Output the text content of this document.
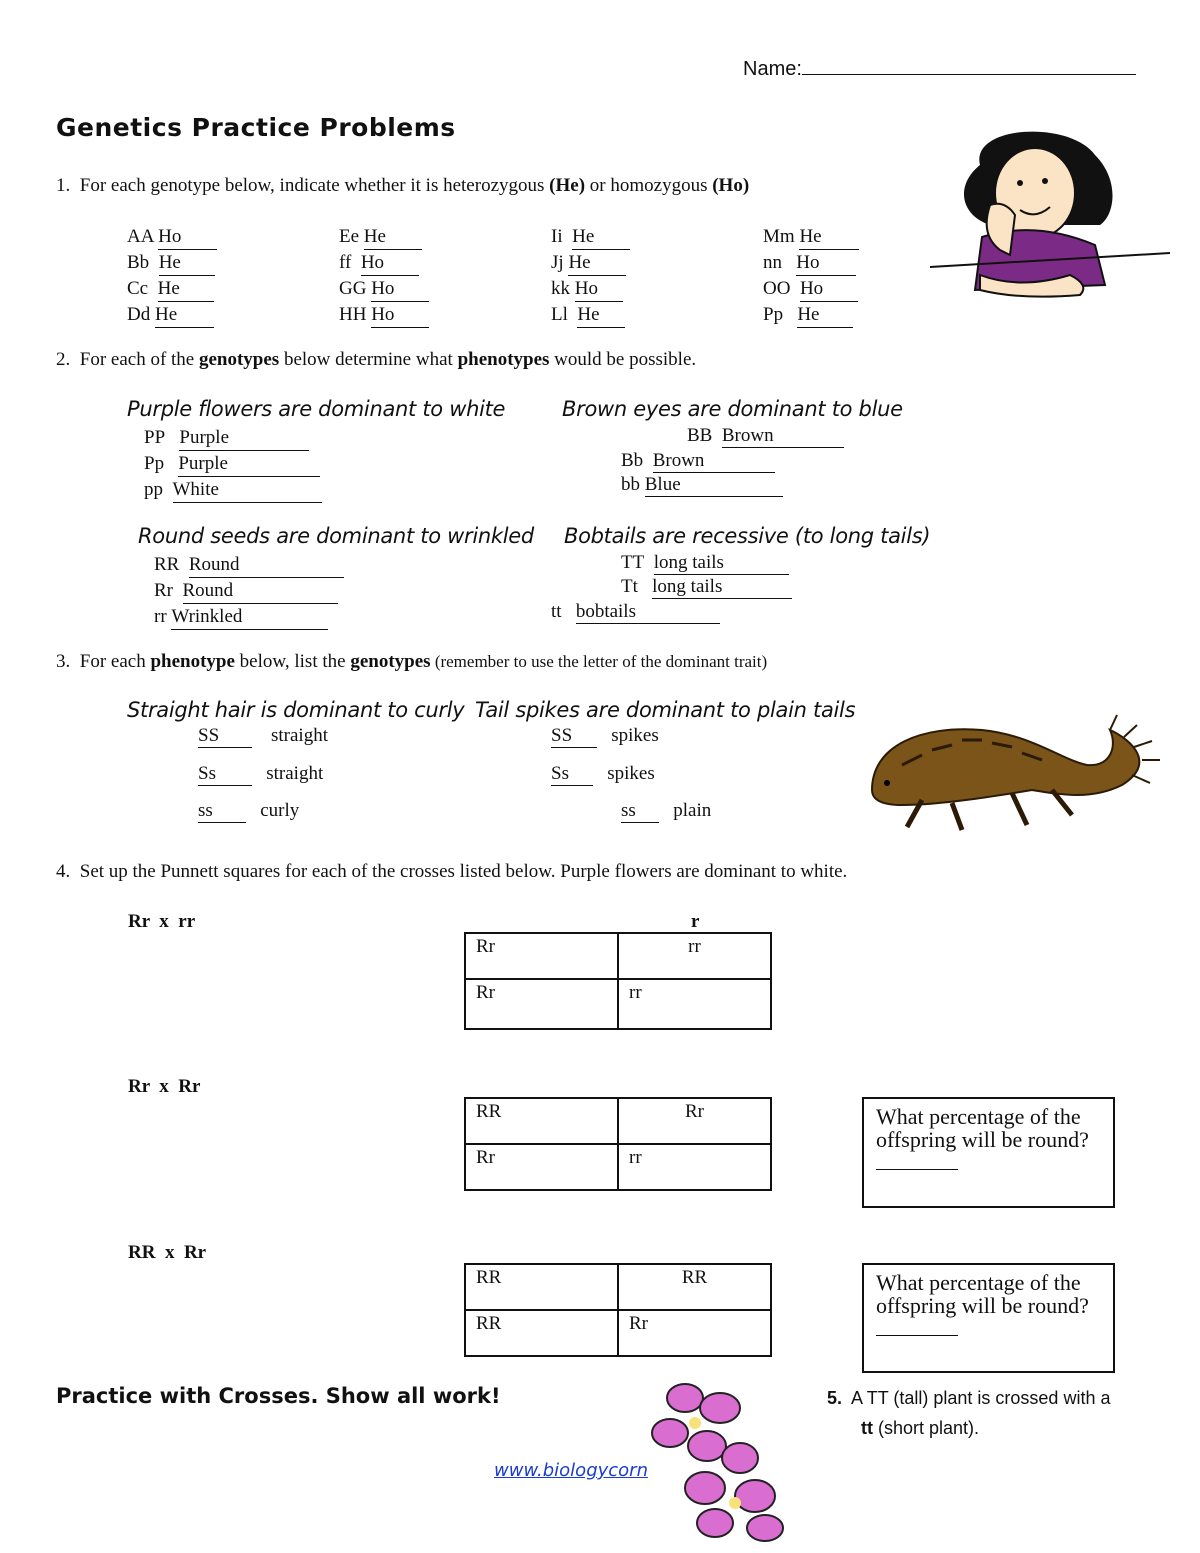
Name:
Genetics Practice Problems
1. For each genotype below, indicate whether it is heterozygous (He) or homozygous (Ho)
AA Ho
Bb He
Cc He
Dd He
Ee He
ff Ho
GG Ho
HH Ho
Ii He
Jj He
kk Ho
Ll He
Mm He
nn Ho
OO Ho
Pp He
2. For each of the genotypes below determine what phenotypes would be possible.
Purple flowers are dominant to white
PP Purple
Pp Purple
pp White
Brown eyes are dominant to blue
BB Brown
Bb Brown
bb Blue
Round seeds are dominant to wrinkled
RR Round
Rr Round
rr Wrinkled
Bobtails are recessive (to long tails)
TT long tails
Tt long tails
tt bobtails
3. For each phenotype below, list the genotypes (remember to use the letter of the dominant trait)
Straight hair is dominant to curly
SS	straight
Ss	straight
ss curly
Tail spikes are dominant to plain tails
SS spikes
Ss spikes
ss plain
4. Set up the Punnett squares for each of the crosses listed below. Purple flowers are dominant to white.
Rr  x  rr	r
Rr	rr
Rr	rr
Rr  x  Rr
RR	Rr
Rr	rr
What percentage of the offspring will be round?
RR  x  Rr
RR	RR
RR	Rr
What percentage of the offspring will be round?
Practice with Crosses. Show all work!
www.biologycorn
5. A TT (tall) plant is crossed with a
tt (short plant).
